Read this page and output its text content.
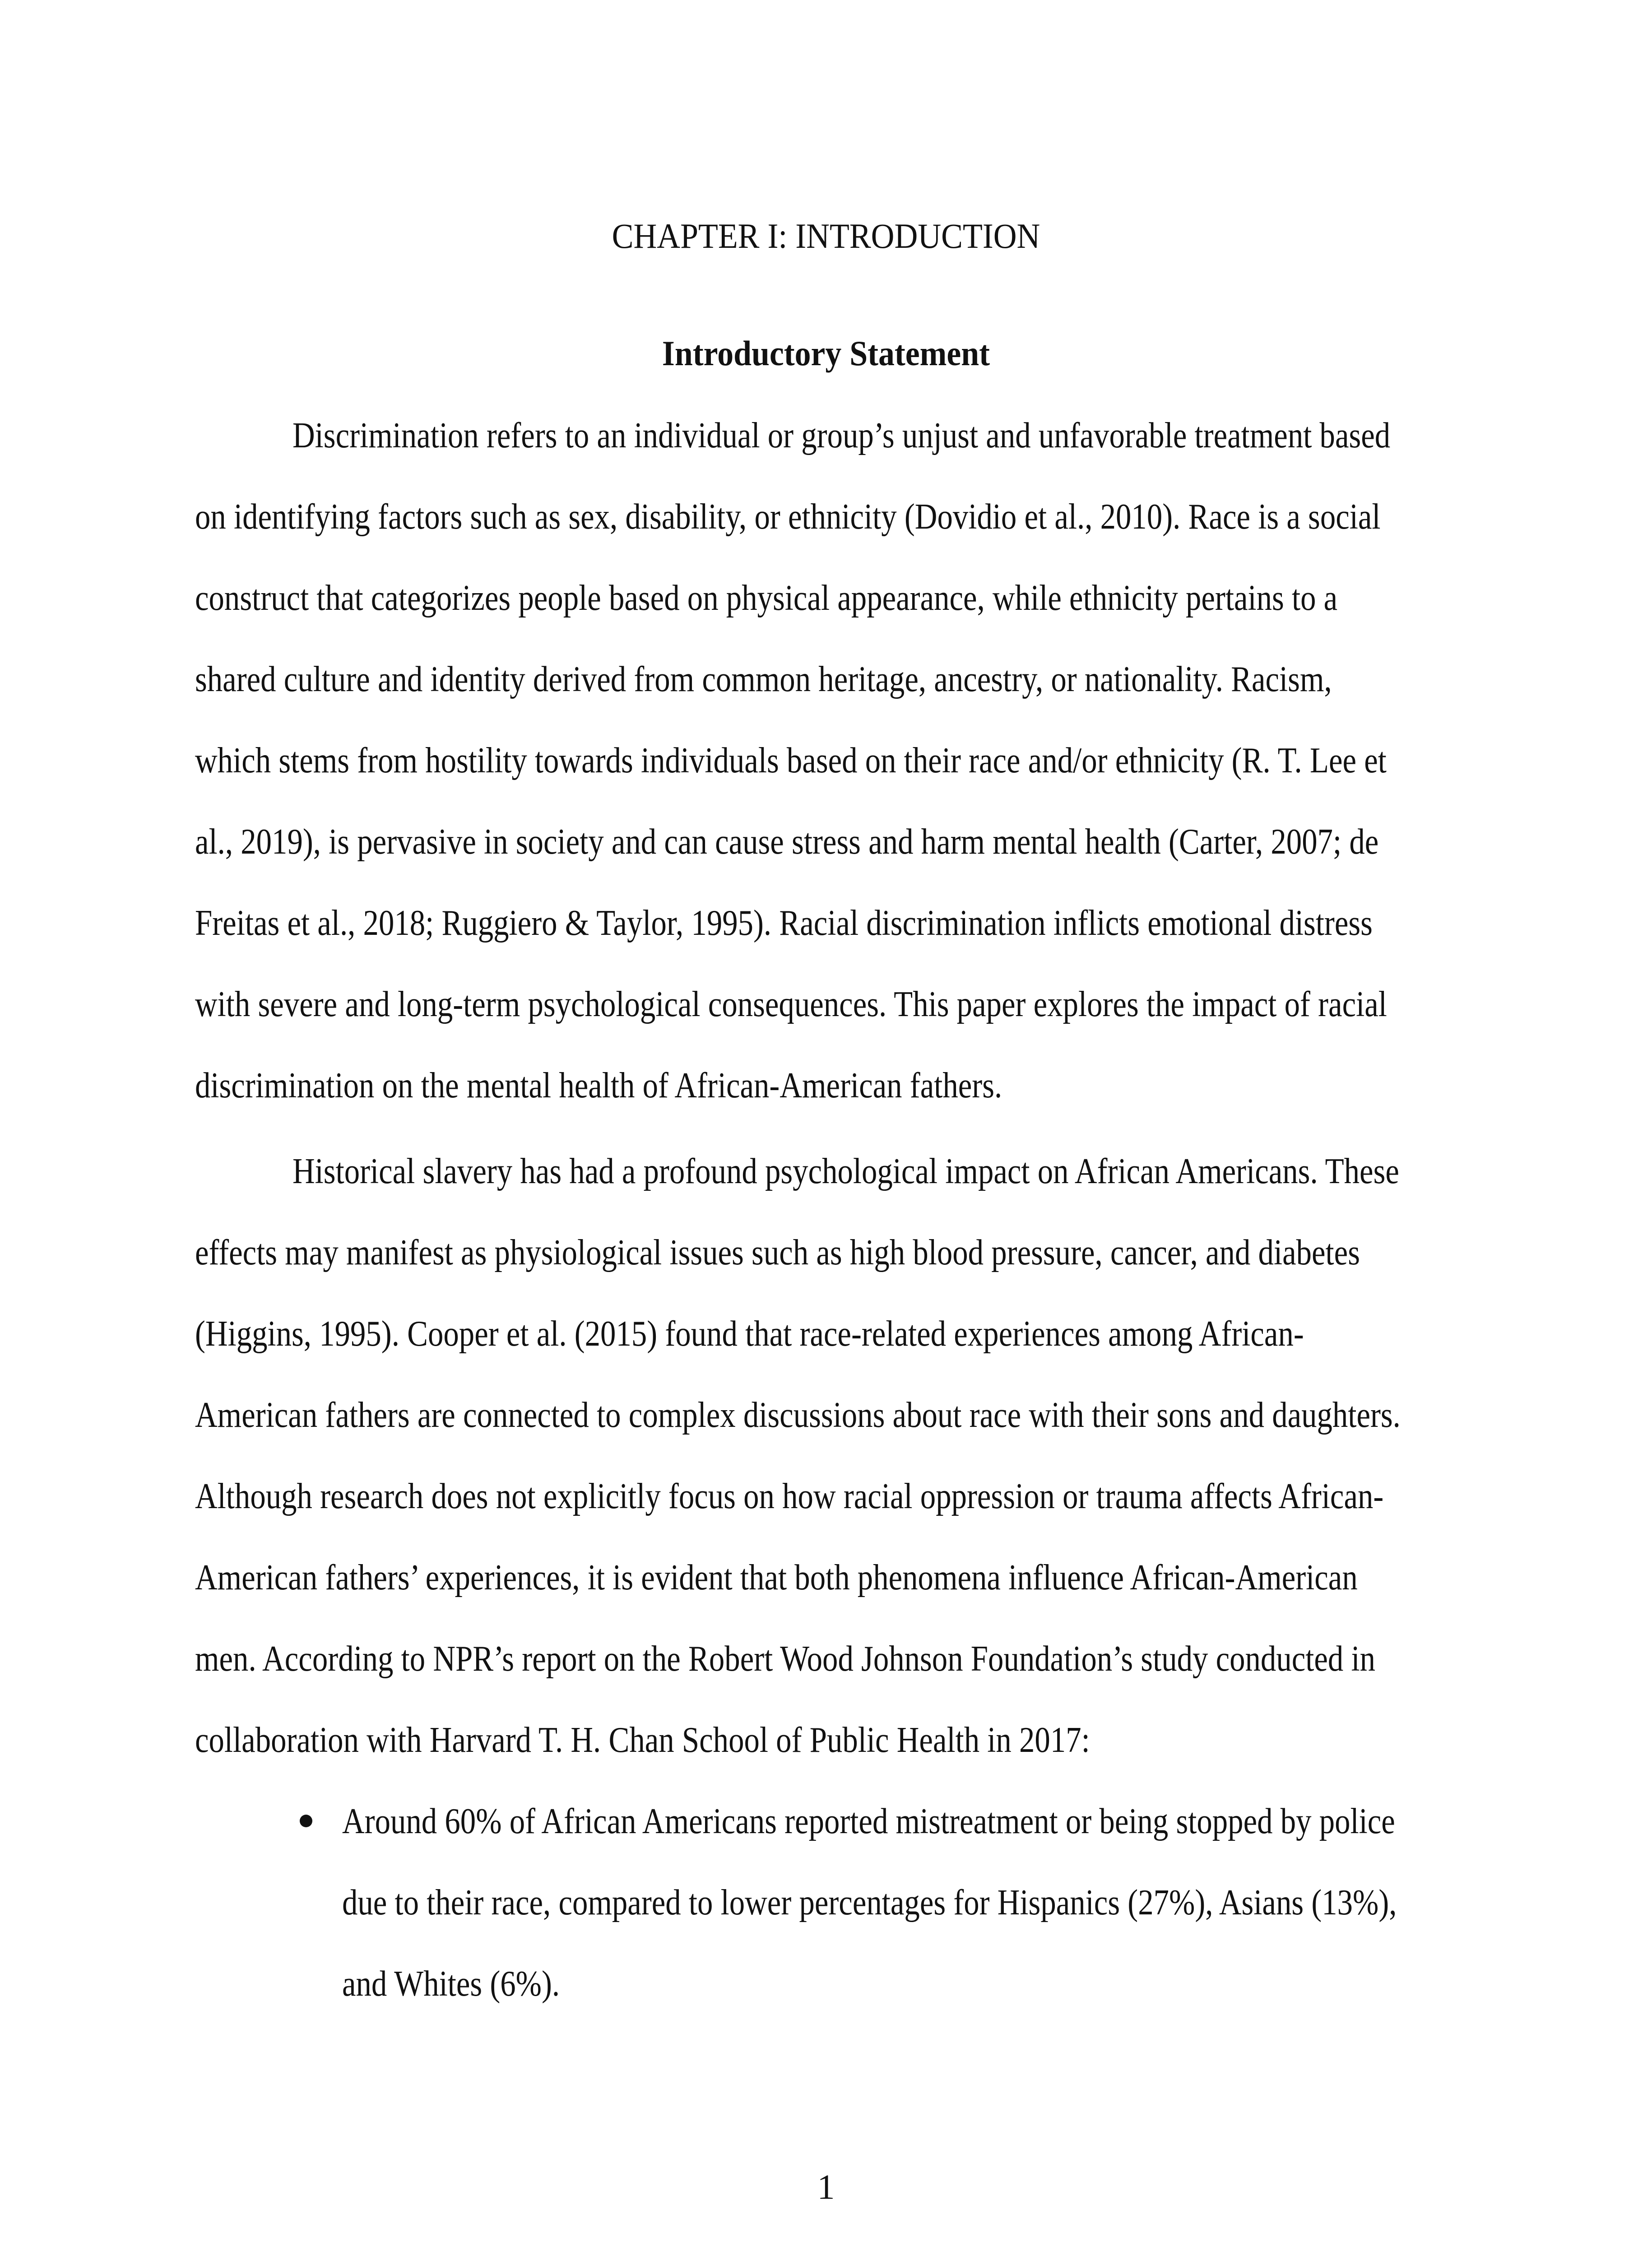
CHAPTER I: INTRODUCTION
Introductory Statement
Discrimination refers to an individual or group’s unjust and unfavorable treatment based
on identifying factors such as sex, disability, or ethnicity (Dovidio et al., 2010). Race is a social
construct that categorizes people based on physical appearance, while ethnicity pertains to a
shared culture and identity derived from common heritage, ancestry, or nationality. Racism,
which stems from hostility towards individuals based on their race and/or ethnicity (R. T. Lee et
al., 2019), is pervasive in society and can cause stress and harm mental health (Carter, 2007; de
Freitas et al., 2018; Ruggiero & Taylor, 1995). Racial discrimination inflicts emotional distress
with severe and long-term psychological consequences. This paper explores the impact of racial
discrimination on the mental health of African-American fathers.
Historical slavery has had a profound psychological impact on African Americans. These
effects may manifest as physiological issues such as high blood pressure, cancer, and diabetes
(Higgins, 1995). Cooper et al. (2015) found that race-related experiences among African-
American fathers are connected to complex discussions about race with their sons and daughters.
Although research does not explicitly focus on how racial oppression or trauma affects African-
American fathers’ experiences, it is evident that both phenomena influence African-American
men. According to NPR’s report on the Robert Wood Johnson Foundation’s study conducted in
collaboration with Harvard T. H. Chan School of Public Health in 2017:
Around 60% of African Americans reported mistreatment or being stopped by police
due to their race, compared to lower percentages for Hispanics (27%), Asians (13%),
and Whites (6%).
1
